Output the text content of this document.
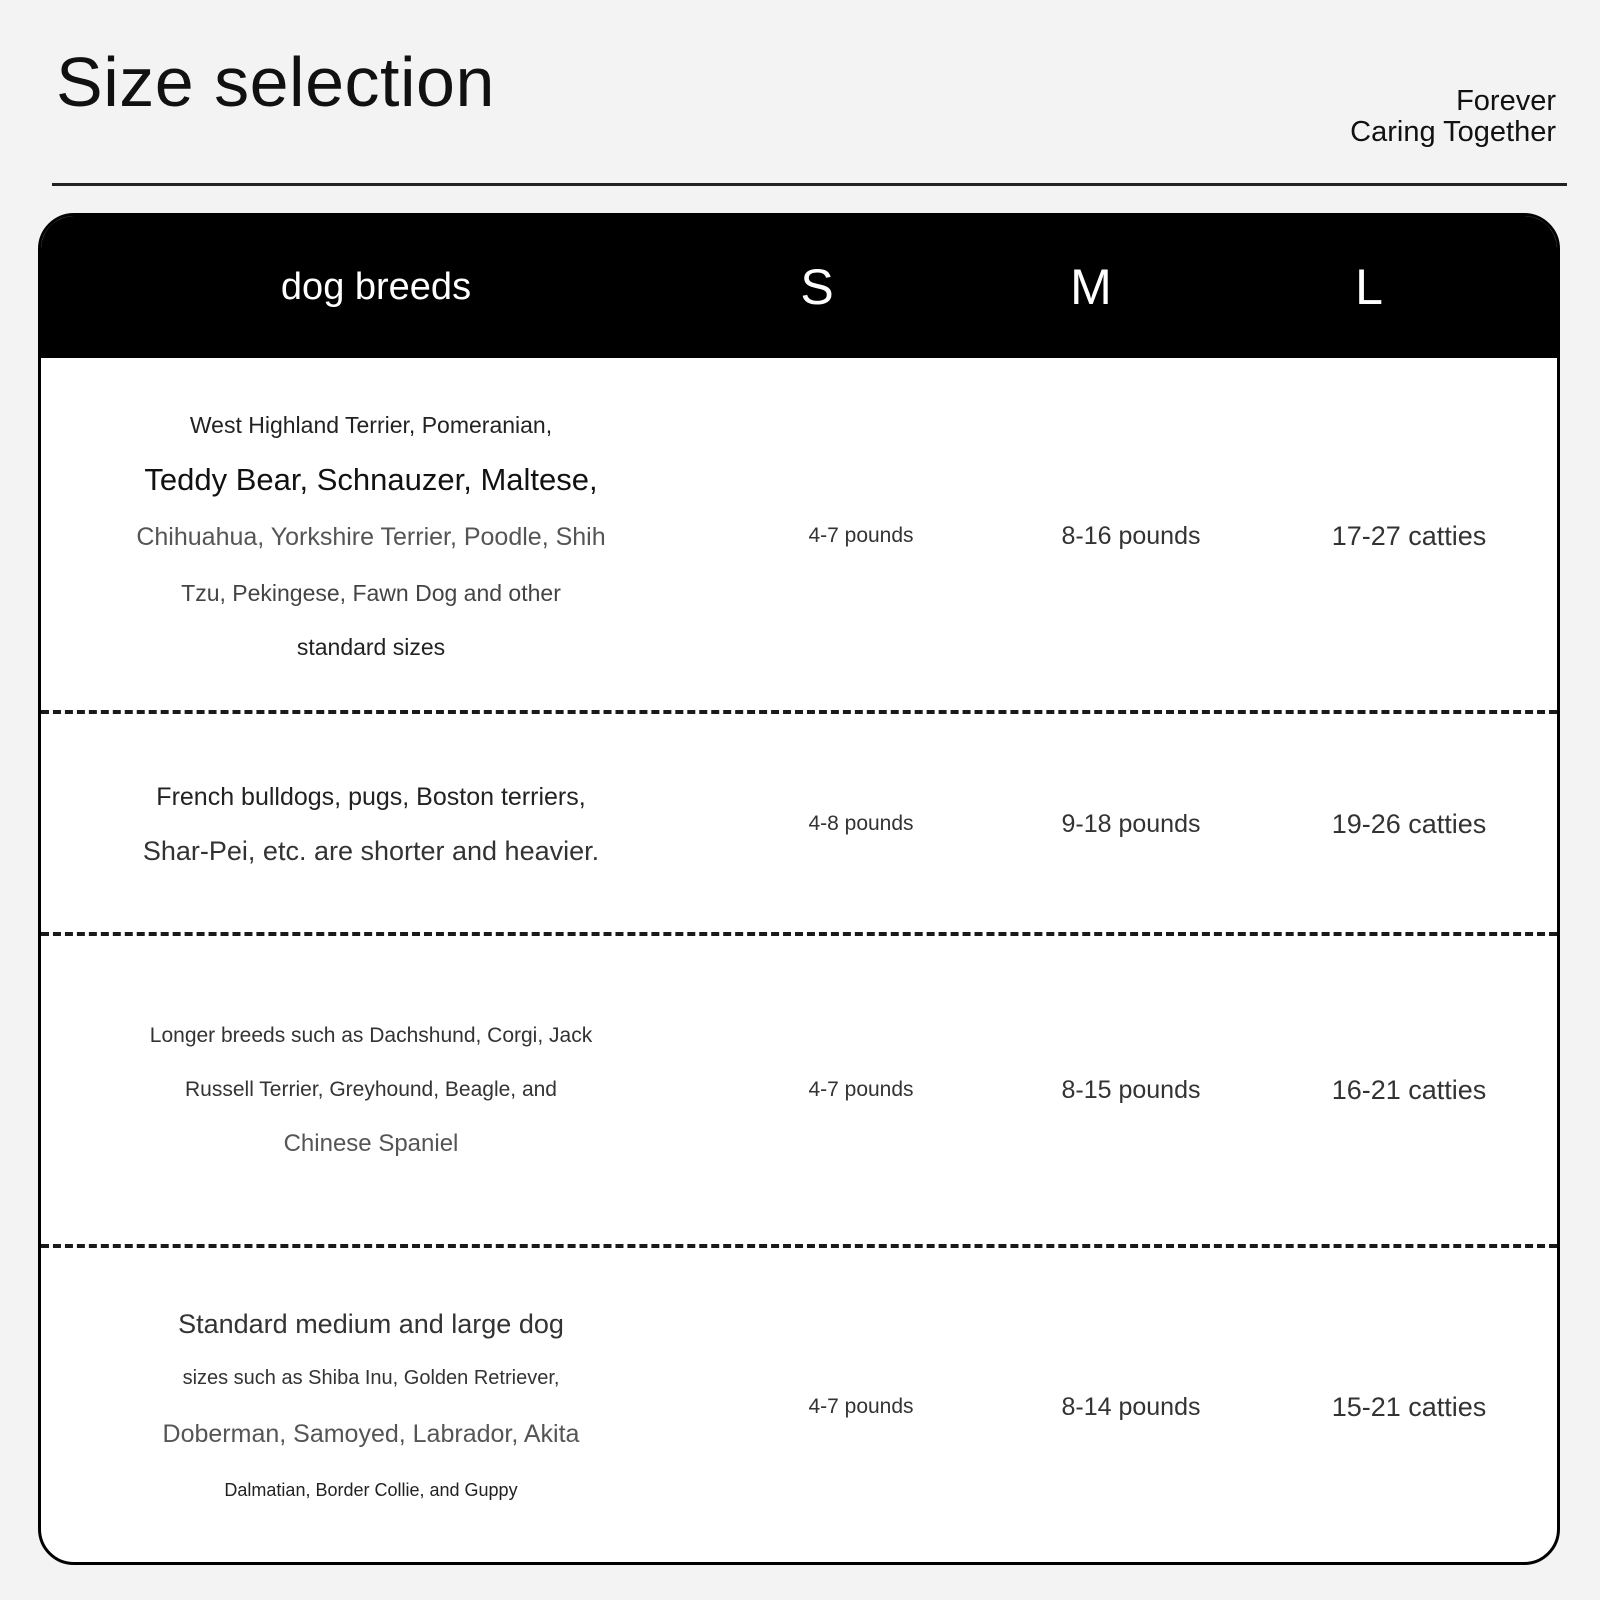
Size selection	Forever
Caring Together
dog breeds	S	M	L
West Highland Terrier, Pomeranian,
Teddy Bear, Schnauzer, Maltese,
Chihuahua, Yorkshire Terrier, Poodle, Shih
Tzu, Pekingese, Fawn Dog and other
standard sizes
4-7 pounds	8-16 pounds	17-27 catties
French bulldogs, pugs, Boston terriers,
Shar-Pei, etc. are shorter and heavier.
4-8 pounds	9-18 pounds	19-26 catties
Longer breeds such as Dachshund, Corgi, Jack
Russell Terrier, Greyhound, Beagle, and
Chinese Spaniel
4-7 pounds	8-15 pounds	16-21 catties
Standard medium and large dog
sizes such as Shiba Inu, Golden Retriever,
Doberman, Samoyed, Labrador, Akita
Dalmatian, Border Collie, and Guppy
4-7 pounds	8-14 pounds	15-21 catties
